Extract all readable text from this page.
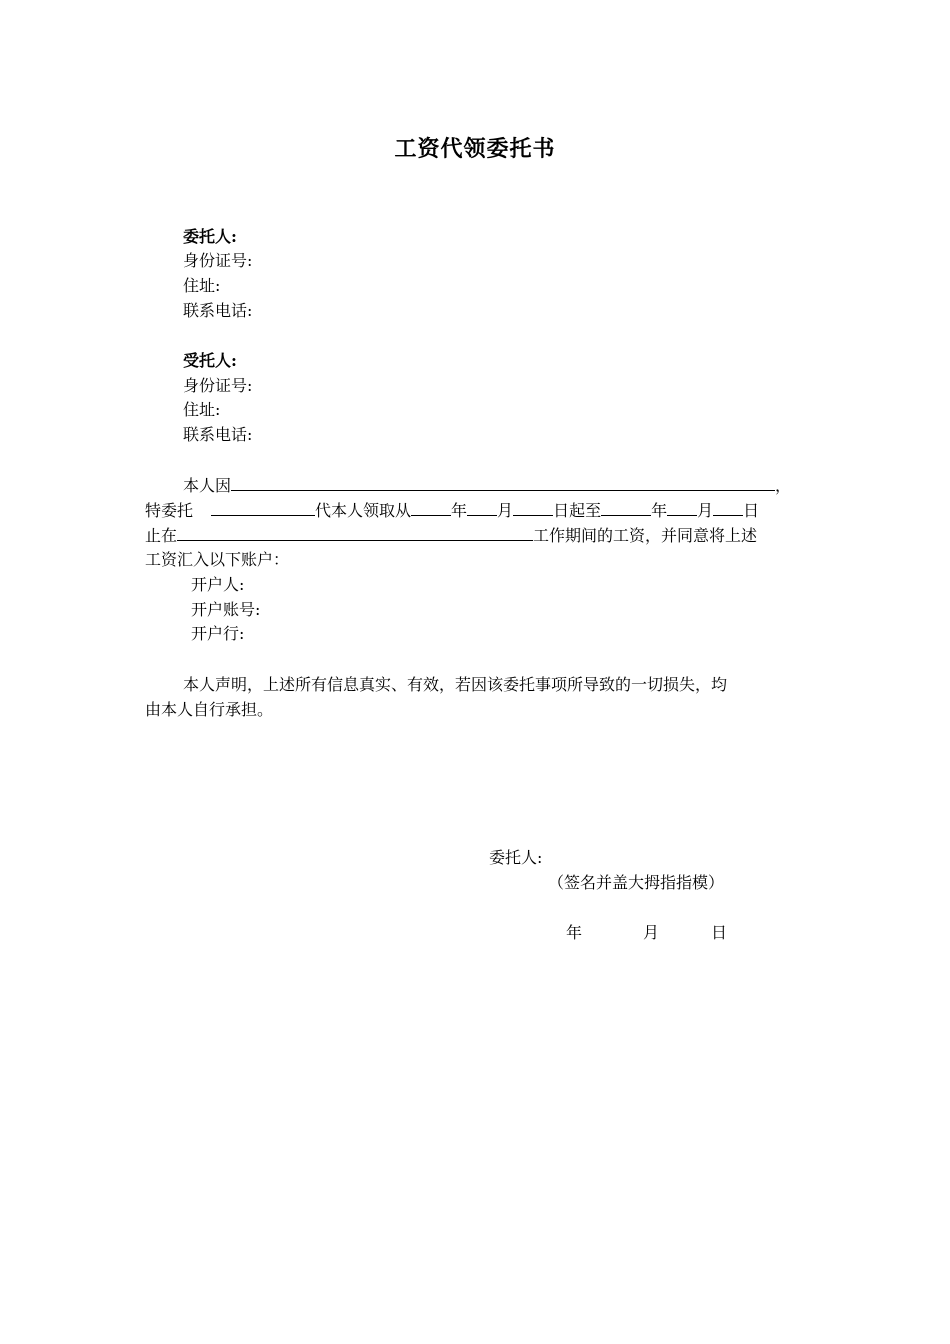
工资代领委托书
委托人:
身份证号:
住址:
联系电话:
受托人:
身份证号:
住址:
联系电话:
本人因	，
特委托	代本人领取从	年 月	日起至	年 月 日
止在	工作期间的工资，并同意将上述
工资汇入以下账户：
开户人:
开户账号:
开户行:
本人声明，上述所有信息真实、有效，若因该委托事项所导致的一切损失，均
由本人自行承担。
委托人:
（签名并盖大拇指指模）
年	月	日
